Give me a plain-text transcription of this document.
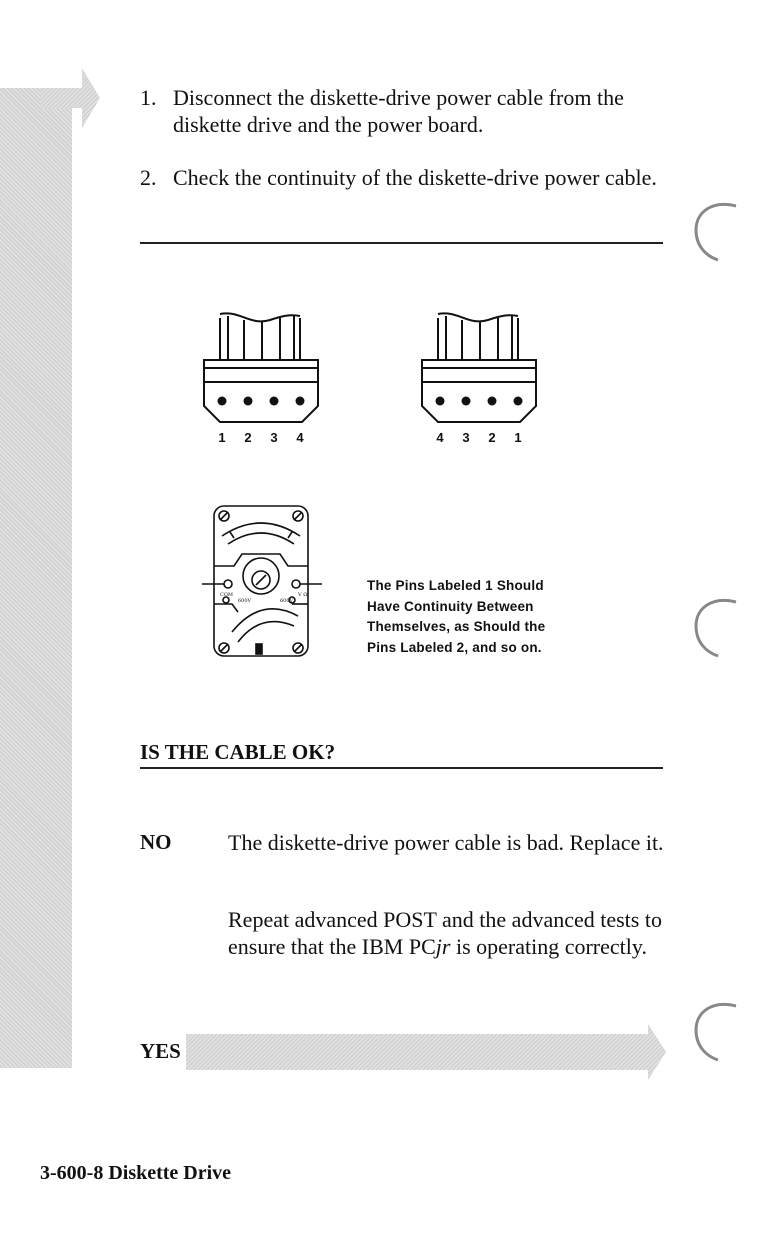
1. Disconnect the diskette-drive power cable from the diskette drive and the power board.
2. Check the continuity of the diskette-drive power cable.
1 2 3 4	4 3 2 1
COM	V Ω
600V	600V
The Pins Labeled 1 Should
Have Continuity Between
Themselves, as Should the
Pins Labeled 2, and so on.
IS THE CABLE OK?
NO	The diskette-drive power cable is bad. Replace it.
Repeat advanced POST and the advanced tests to ensure that the IBM PCjr is operating correctly.
YES
3-600-8 Diskette Drive
